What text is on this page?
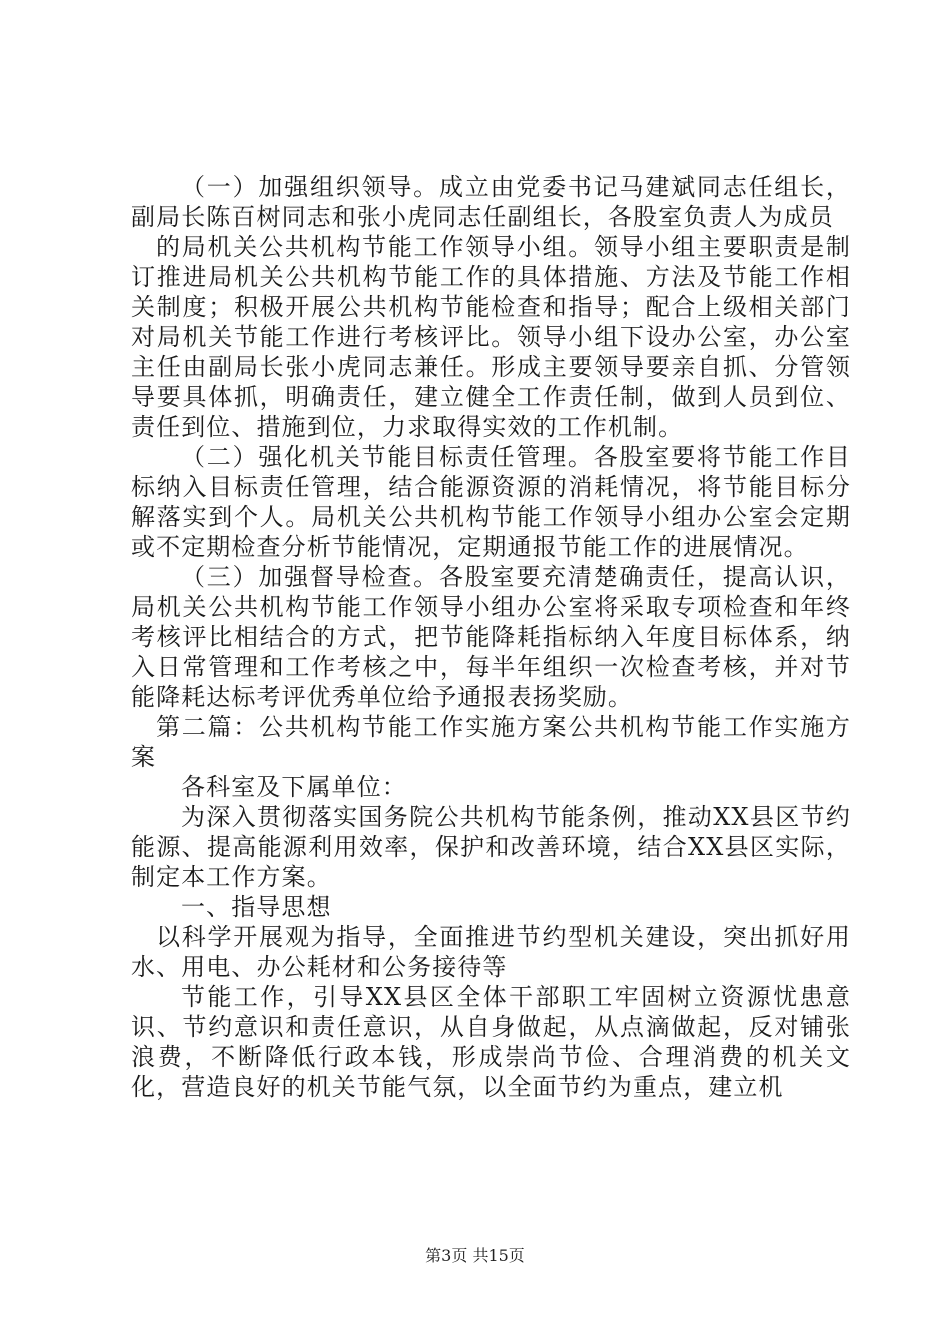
（一）加强组织领导。成立由党委书记马建斌同志任组长，副局长陈百树同志和张小虎同志任副组长，各股室负责人为成员

的局机关公共机构节能工作领导小组。领导小组主要职责是制订推进局机关公共机构节能工作的具体措施、方法及节能工作相关制度；积极开展公共机构节能检查和指导；配合上级相关部门对局机关节能工作进行考核评比。领导小组下设办公室，办公室主任由副局长张小虎同志兼任。形成主要领导要亲自抓、分管领导要具体抓，明确责任，建立健全工作责任制，做到人员到位、责任到位、措施到位，力求取得实效的工作机制。

（二）强化机关节能目标责任管理。各股室要将节能工作目标纳入目标责任管理，结合能源资源的消耗情况，将节能目标分解落实到个人。局机关公共机构节能工作领导小组办公室会定期或不定期检查分析节能情况，定期通报节能工作的进展情况。

（三）加强督导检查。各股室要充清楚确责任，提高认识，局机关公共机构节能工作领导小组办公室将采取专项检查和年终考核评比相结合的方式，把节能降耗指标纳入年度目标体系，纳入日常管理和工作考核之中，每半年组织一次检查考核，并对节能降耗达标考评优秀单位给予通报表扬奖励。

第二篇：公共机构节能工作实施方案公共机构节能工作实施方案

各科室及下属单位：

为深入贯彻落实国务院公共机构节能条例，推动XX县区节约能源、提高能源利用效率，保护和改善环境，结合XX县区实际，制定本工作方案。

一、指导思想

以科学开展观为指导，全面推进节约型机关建设，突出抓好用水、用电、办公耗材和公务接待等

节能工作，引导XX县区全体干部职工牢固树立资源忧患意识、节约意识和责任意识，从自身做起，从点滴做起，反对铺张浪费，不断降低行政本钱，形成崇尚节俭、合理消费的机关文化，营造良好的机关节能气氛，以全面节约为重点，建立机

第3页 共15页
